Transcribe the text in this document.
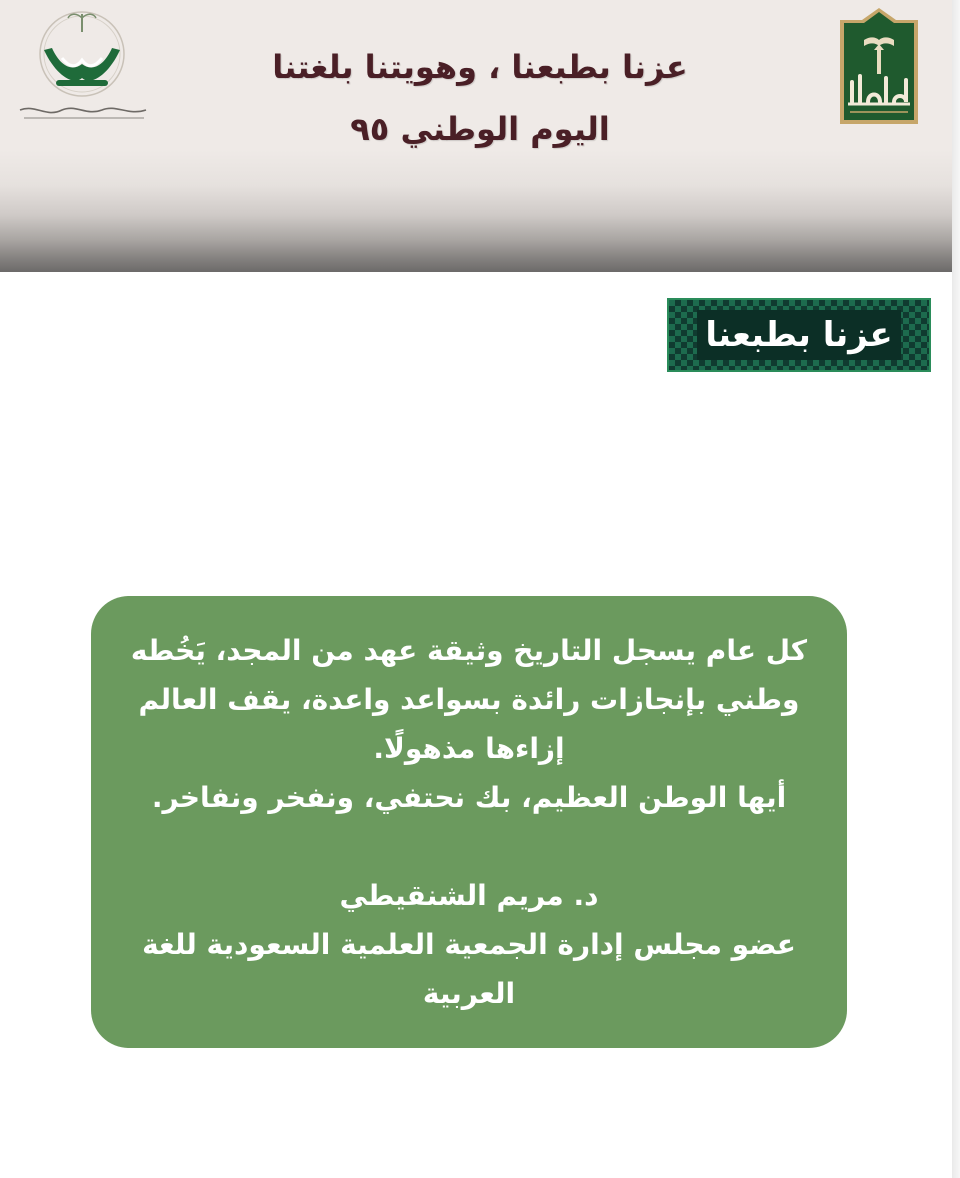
عزنا بطبعنا ، وهويتنا بلغتنا
اليوم الوطني ٩٥
عزنا بطبعنا
كل عام يسجل التاريخ وثيقة عهد من المجد، يَخُطه
وطني بإنجازات رائدة بسواعد واعدة، يقف العالم
إزاءها مذهولًا.
أيها الوطن العظيم، بك نحتفي، ونفخر ونفاخر.
د. مريم الشنقيطي
عضو مجلس إدارة الجمعية العلمية السعودية للغة
العربية
